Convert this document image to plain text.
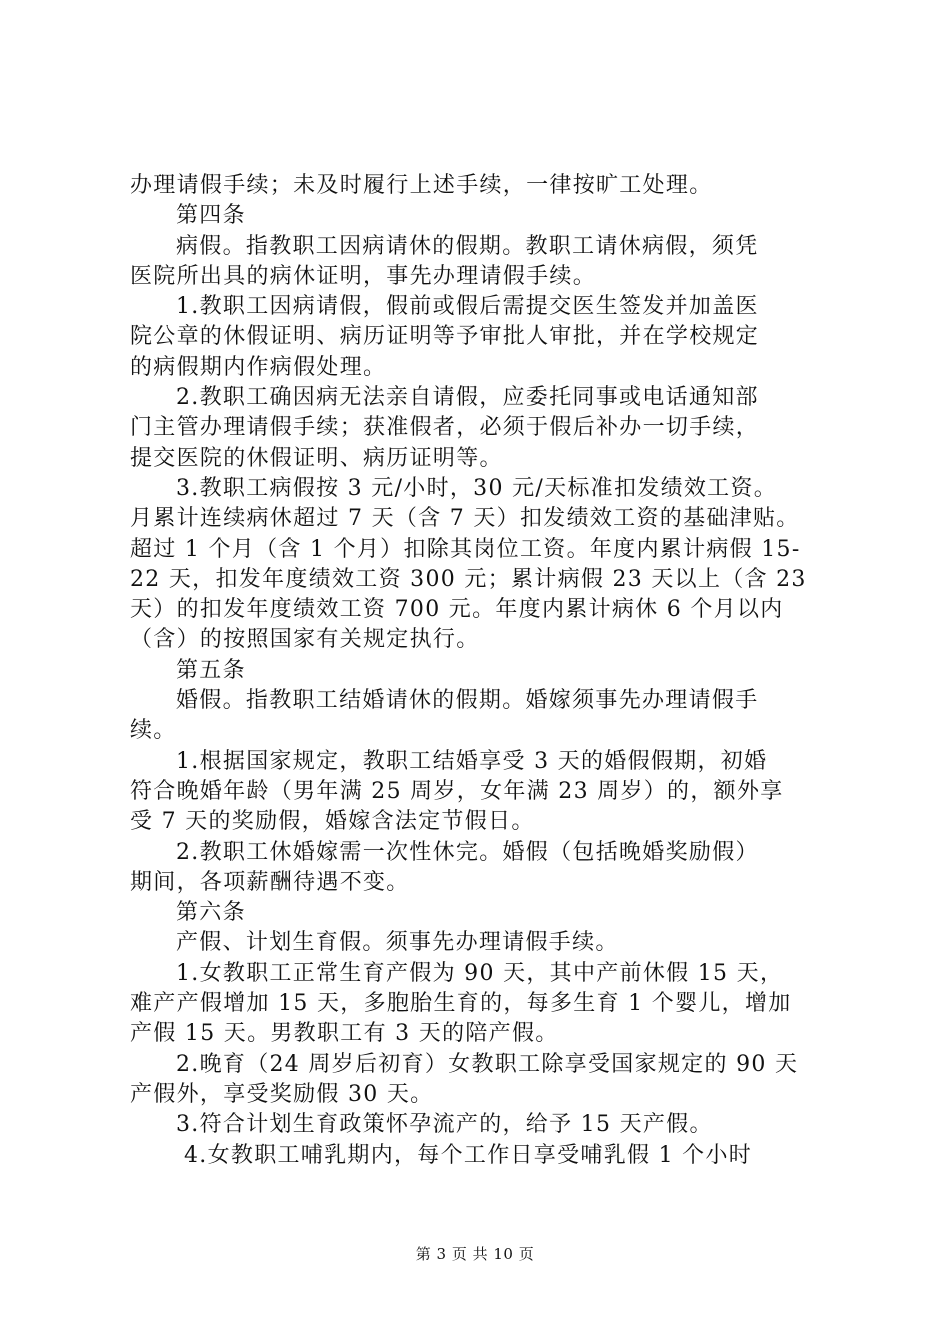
办理请假手续；未及时履行上述手续，一律按旷工处理。

第四条

病假。指教职工因病请休的假期。教职工请休病假，须凭

医院所出具的病休证明，事先办理请假手续。

1.教职工因病请假，假前或假后需提交医生签发并加盖医

院公章的休假证明、病历证明等予审批人审批，并在学校规定

的病假期内作病假处理。

2.教职工确因病无法亲自请假，应委托同事或电话通知部

门主管办理请假手续；获准假者，必须于假后补办一切手续，

提交医院的休假证明、病历证明等。

3.教职工病假按 3 元/小时，30 元/天标准扣发绩效工资。

月累计连续病休超过 7 天（含 7 天）扣发绩效工资的基础津贴。

超过 1 个月（含 1 个月）扣除其岗位工资。年度内累计病假 15-

22 天，扣发年度绩效工资 300 元；累计病假 23 天以上（含 23

天）的扣发年度绩效工资 700 元。年度内累计病休 6 个月以内

（含）的按照国家有关规定执行。

第五条

婚假。指教职工结婚请休的假期。婚嫁须事先办理请假手

续。

1.根据国家规定，教职工结婚享受 3 天的婚假假期，初婚

符合晚婚年龄（男年满 25 周岁，女年满 23 周岁）的，额外享

受 7 天的奖励假，婚嫁含法定节假日。

2.教职工休婚嫁需一次性休完。婚假（包括晚婚奖励假）

期间，各项薪酬待遇不变。

第六条

产假、计划生育假。须事先办理请假手续。

1.女教职工正常生育产假为 90 天，其中产前休假 15 天，

难产产假增加 15 天，多胞胎生育的，每多生育 1 个婴儿，增加

产假 15 天。男教职工有 3 天的陪产假。

2.晚育（24 周岁后初育）女教职工除享受国家规定的 90 天

产假外，享受奖励假 30 天。

3.符合计划生育政策怀孕流产的，给予 15 天产假。

4.女教职工哺乳期内，每个工作日享受哺乳假 1 个小时

第 3 页 共 10 页
